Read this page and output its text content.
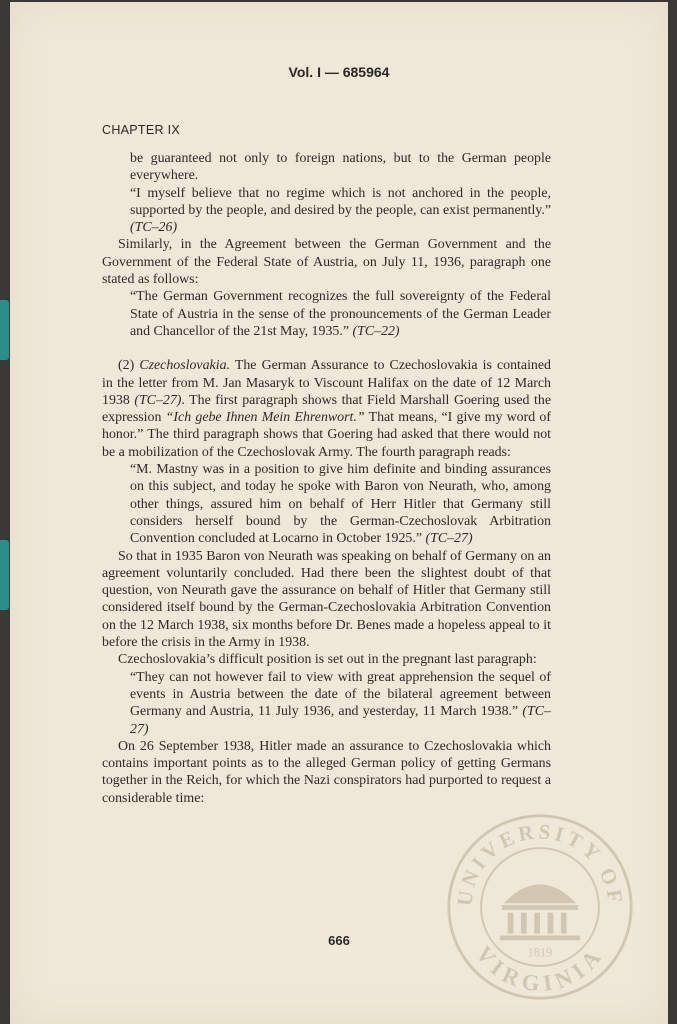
Vol. I — 685964
CHAPTER IX

be guaranteed not only to foreign nations, but to the German people everywhere.

“I myself believe that no regime which is not anchored in the people, supported by the people, and desired by the people, can exist permanently.” (TC–26)

Similarly, in the Agreement between the German Government and the Government of the Federal State of Austria, on July 11, 1936, paragraph one stated as follows:

“The German Government recognizes the full sovereignty of the Federal State of Austria in the sense of the pronouncements of the German Leader and Chancellor of the 21st May, 1935.” (TC–22)

(2) Czechoslovakia. The German Assurance to Czechoslovakia is contained in the letter from M. Jan Masaryk to Viscount Halifax on the date of 12 March 1938 (TC–27). The first paragraph shows that Field Marshall Goering used the expression “Ich gebe Ihnen Mein Ehrenwort.” That means, “I give my word of honor.” The third paragraph shows that Goering had asked that there would not be a mobilization of the Czechoslovak Army. The fourth paragraph reads:

“M. Mastny was in a position to give him definite and binding assurances on this subject, and today he spoke with Baron von Neurath, who, among other things, assured him on behalf of Herr Hitler that Germany still considers herself bound by the German-Czechoslovak Arbitration Convention concluded at Locarno in October 1925.” (TC–27)

So that in 1935 Baron von Neurath was speaking on behalf of Germany on an agreement voluntarily concluded. Had there been the slightest doubt of that question, von Neurath gave the assurance on behalf of Hitler that Germany still considered itself bound by the German-Czechoslovakia Arbitration Convention on the 12 March 1938, six months before Dr. Benes made a hopeless appeal to it before the crisis in the Army in 1938.

Czechoslovakia’s difficult position is set out in the pregnant last paragraph:

“They can not however fail to view with great apprehension the sequel of events in Austria between the date of the bilateral agreement between Germany and Austria, 11 July 1936, and yesterday, 11 March 1938.” (TC–27)

On 26 September 1938, Hitler made an assurance to Czechoslovakia which contains important points as to the alleged German policy of getting Germans together in the Reich, for which the Nazi conspirators had purported to request a considerable time:

666
UNIVERSITY OF
VIRGINIA
1819
